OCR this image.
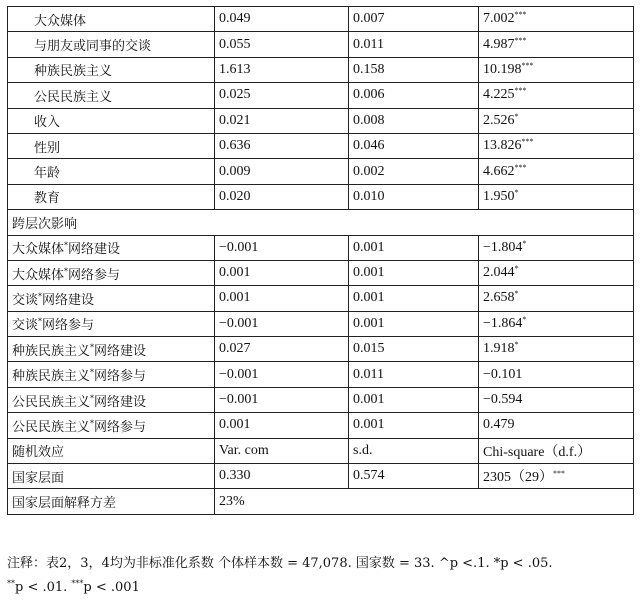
大众媒体	0.049	0.007	7.002***
与朋友或同事的交谈	0.055	0.011	4.987***
种族民族主义	1.613	0.158	10.198***
公民民族主义	0.025	0.006	4.225***
收入	0.021	0.008	2.526*
性别	0.636	0.046	13.826***
年龄	0.009	0.002	4.662***
教育	0.020	0.010	1.950*
跨层次影响			
大众媒体*网络建设	−0.001	0.001	−1.804*
大众媒体*网络参与	0.001	0.001	2.044*
交谈*网络建设	0.001	0.001	2.658*
交谈*网络参与	−0.001	0.001	−1.864*
种族民族主义*网络建设	0.027	0.015	1.918*
种族民族主义*网络参与	−0.001	0.011	−0.101
公民民族主义*网络建设	−0.001	0.001	−0.594
公民民族主义*网络参与	0.001	0.001	0.479
随机效应	Var. com	s.d.	Chi-square（d.f.）
国家层面	0.330	0.574	2305（29）***
国家层面解释方差	23%		
注释：表2，3，4均为非标准化系数 个体样本数 = 47,078. 国家数 = 33. ^p <.1. *p < .05.
**p < .01. ***p < .001
